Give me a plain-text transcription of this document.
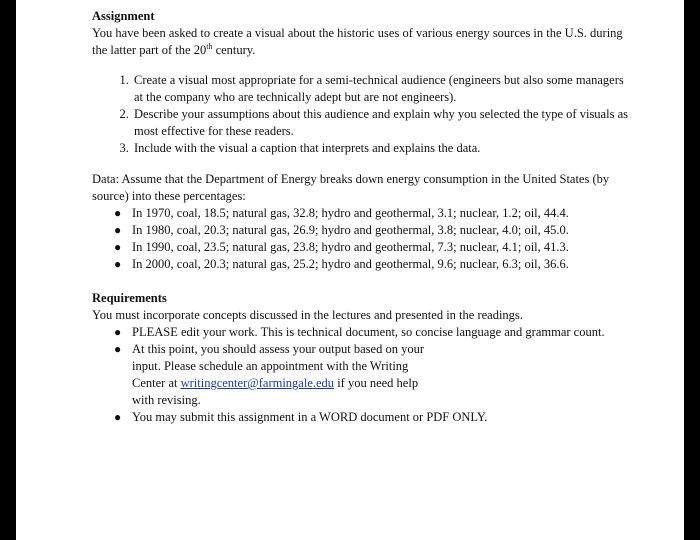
Assignment
You have been asked to create a visual about the historic uses of various energy sources in the U.S. during the latter part of the 20th century.
1. Create a visual most appropriate for a semi-technical audience (engineers but also some managers at the company who are technically adept but are not engineers).
2. Describe your assumptions about this audience and explain why you selected the type of visuals as most effective for these readers.
3. Include with the visual a caption that interprets and explains the data.
Data: Assume that the Department of Energy breaks down energy consumption in the United States (by source) into these percentages:
● In 1970, coal, 18.5; natural gas, 32.8; hydro and geothermal, 3.1; nuclear, 1.2; oil, 44.4.
● In 1980, coal, 20.3; natural gas, 26.9; hydro and geothermal, 3.8; nuclear, 4.0; oil, 45.0.
● In 1990, coal, 23.5; natural gas, 23.8; hydro and geothermal, 7.3; nuclear, 4.1; oil, 41.3.
● In 2000, coal, 20.3; natural gas, 25.2; hydro and geothermal, 9.6; nuclear, 6.3; oil, 36.6.
Requirements
You must incorporate concepts discussed in the lectures and presented in the readings.
● PLEASE edit your work. This is technical document, so concise language and grammar count.
● At this point, you should assess your output based on your
input. Please schedule an appointment with the Writing
Center at writingcenter@farmingale.edu if you need help
with revising.
● You may submit this assignment in a WORD document or PDF ONLY.
